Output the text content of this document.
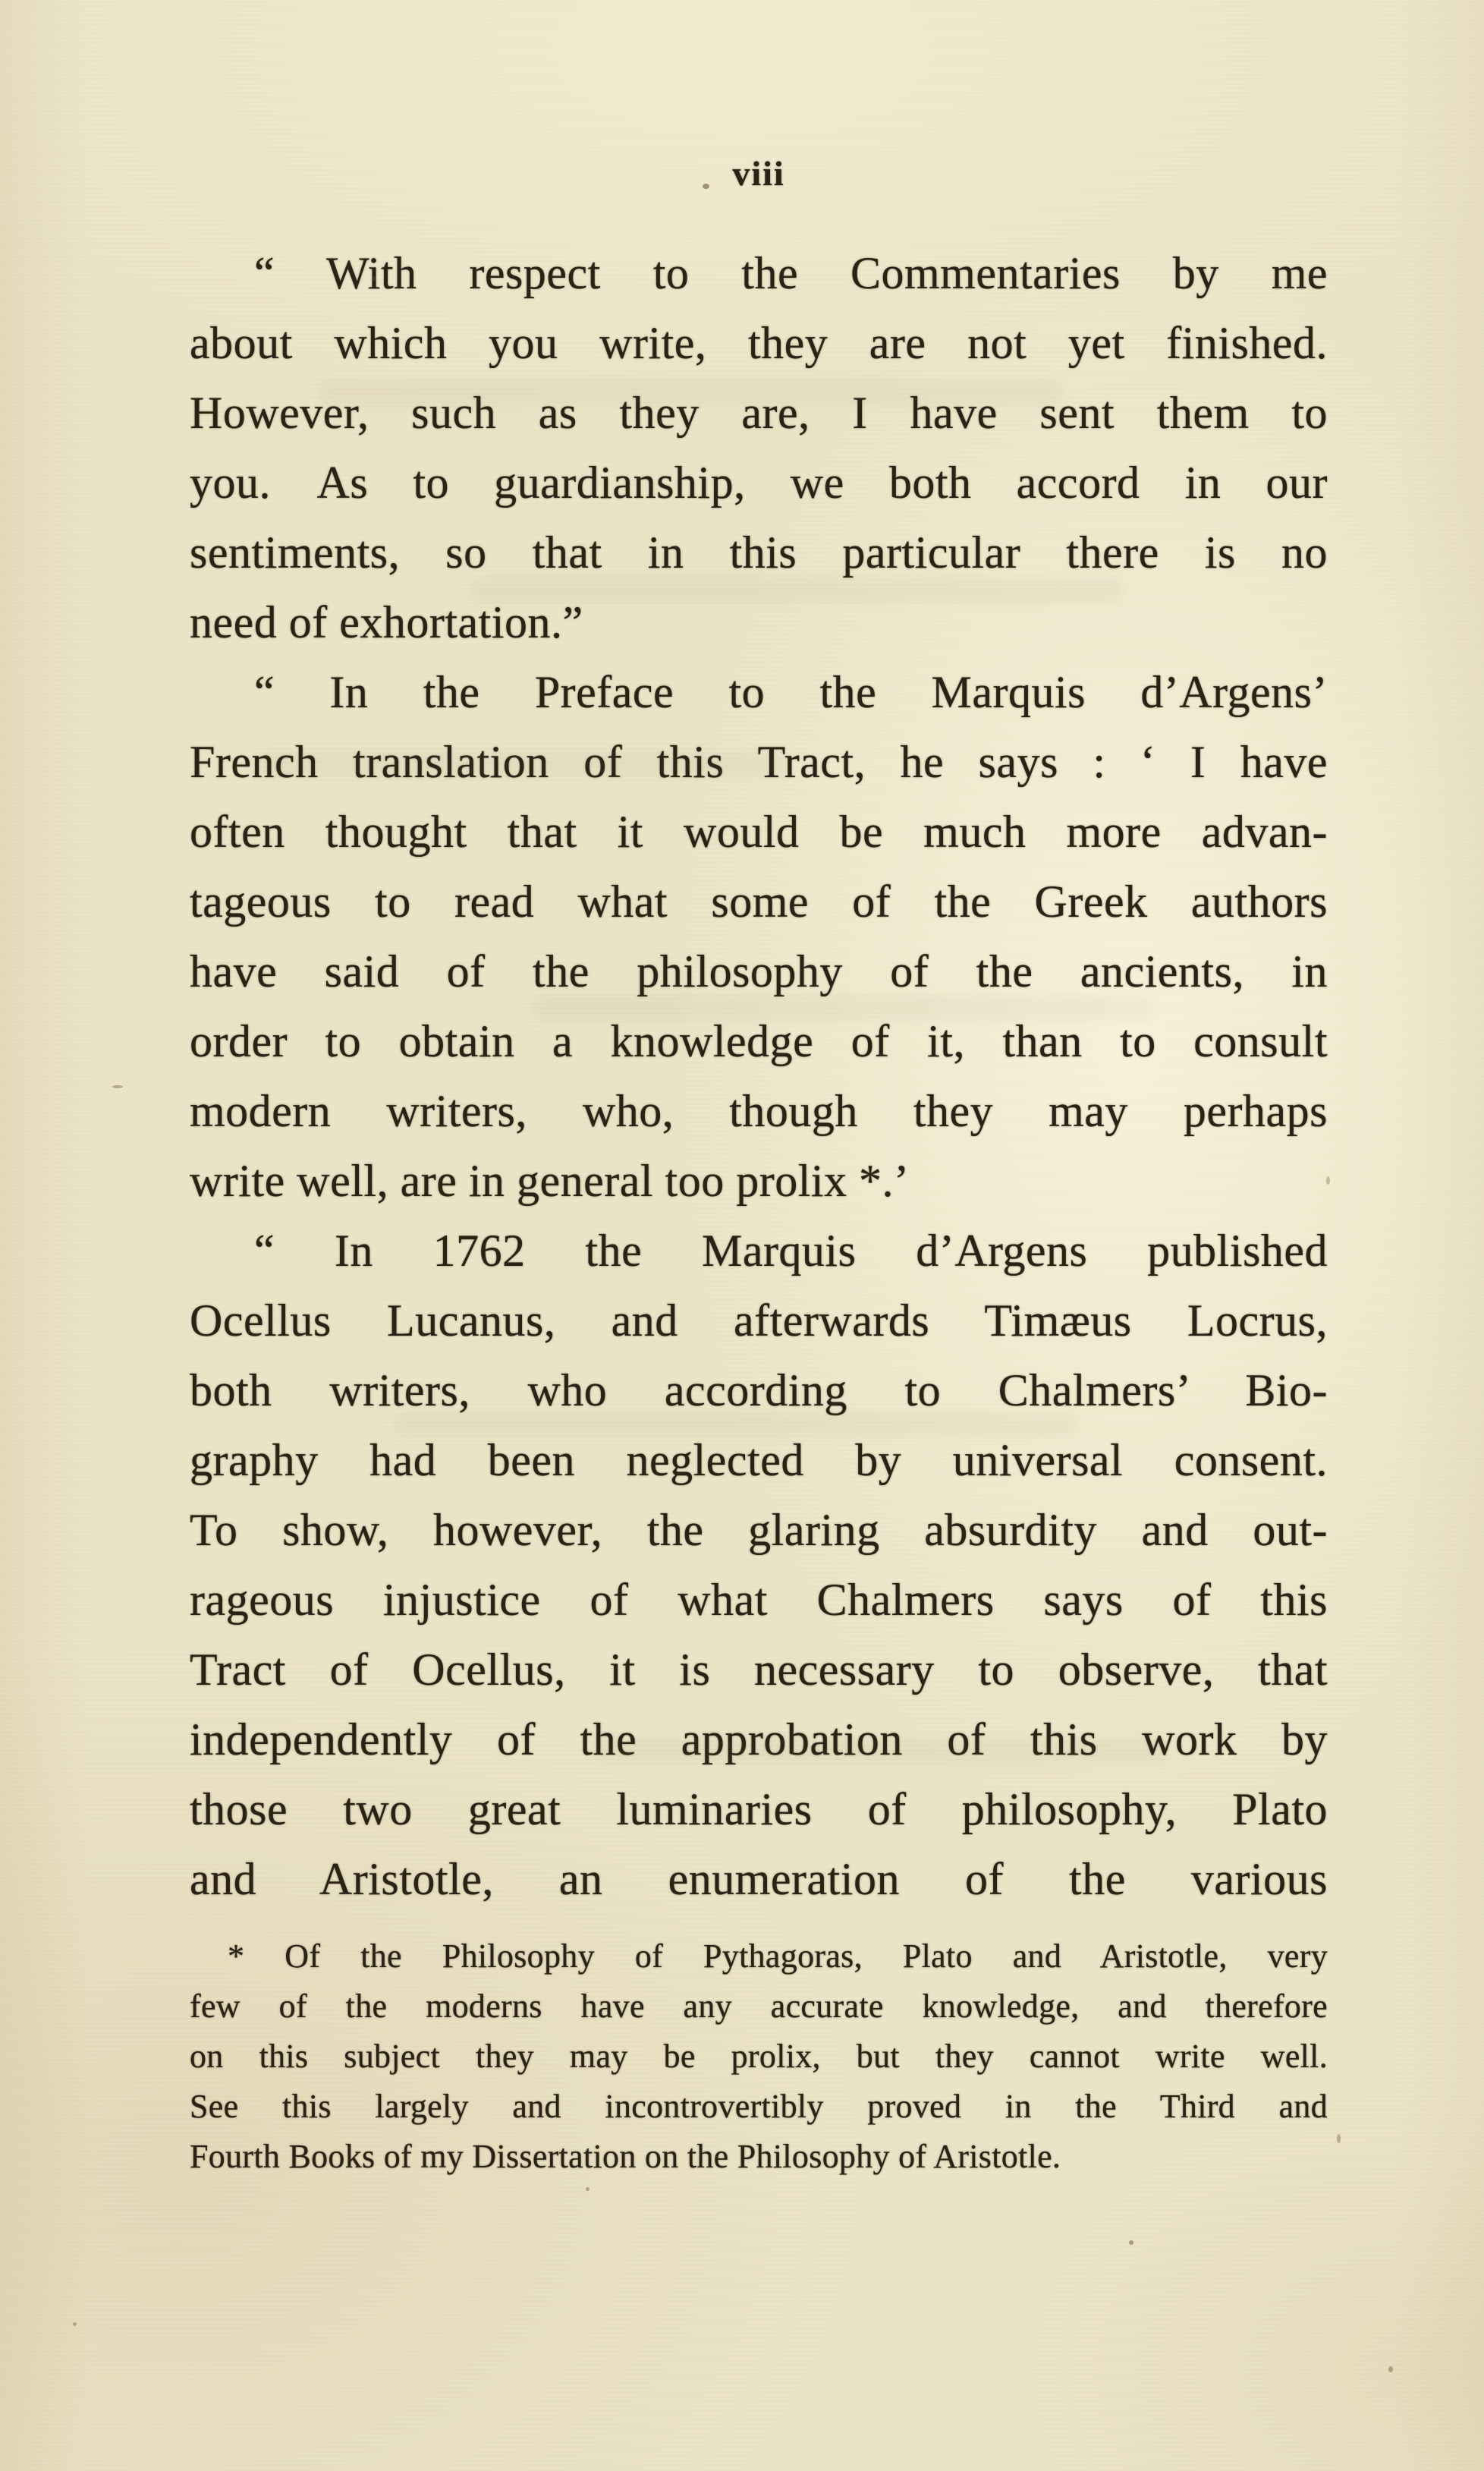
viii
“ With respect to the Commentaries by me
about which you write, they are not yet finished.
However, such as they are, I have sent them to
you. As to guardianship, we both accord in our
sentiments, so that in this particular there is no
need of exhortation.”
“ In the Preface to the Marquis d’Argens’
French translation of this Tract, he says : ‘ I have
often thought that it would be much more advan-
tageous to read what some of the Greek authors
have said of the philosophy of the ancients, in
order to obtain a knowledge of it, than to consult
modern writers, who, though they may perhaps
write well, are in general too prolix *.’
“ In 1762 the Marquis d’Argens published
Ocellus Lucanus, and afterwards Timæus Locrus,
both writers, who according to Chalmers’ Bio-
graphy had been neglected by universal consent.
To show, however, the glaring absurdity and out-
rageous injustice of what Chalmers says of this
Tract of Ocellus, it is necessary to observe, that
independently of the approbation of this work by
those two great luminaries of philosophy, Plato
and Aristotle, an enumeration of the various
* Of the Philosophy of Pythagoras, Plato and Aristotle, very
few of the moderns have any accurate knowledge, and therefore
on this subject they may be prolix, but they cannot write well.
See this largely and incontrovertibly proved in the Third and
Fourth Books of my Dissertation on the Philosophy of Aristotle.
